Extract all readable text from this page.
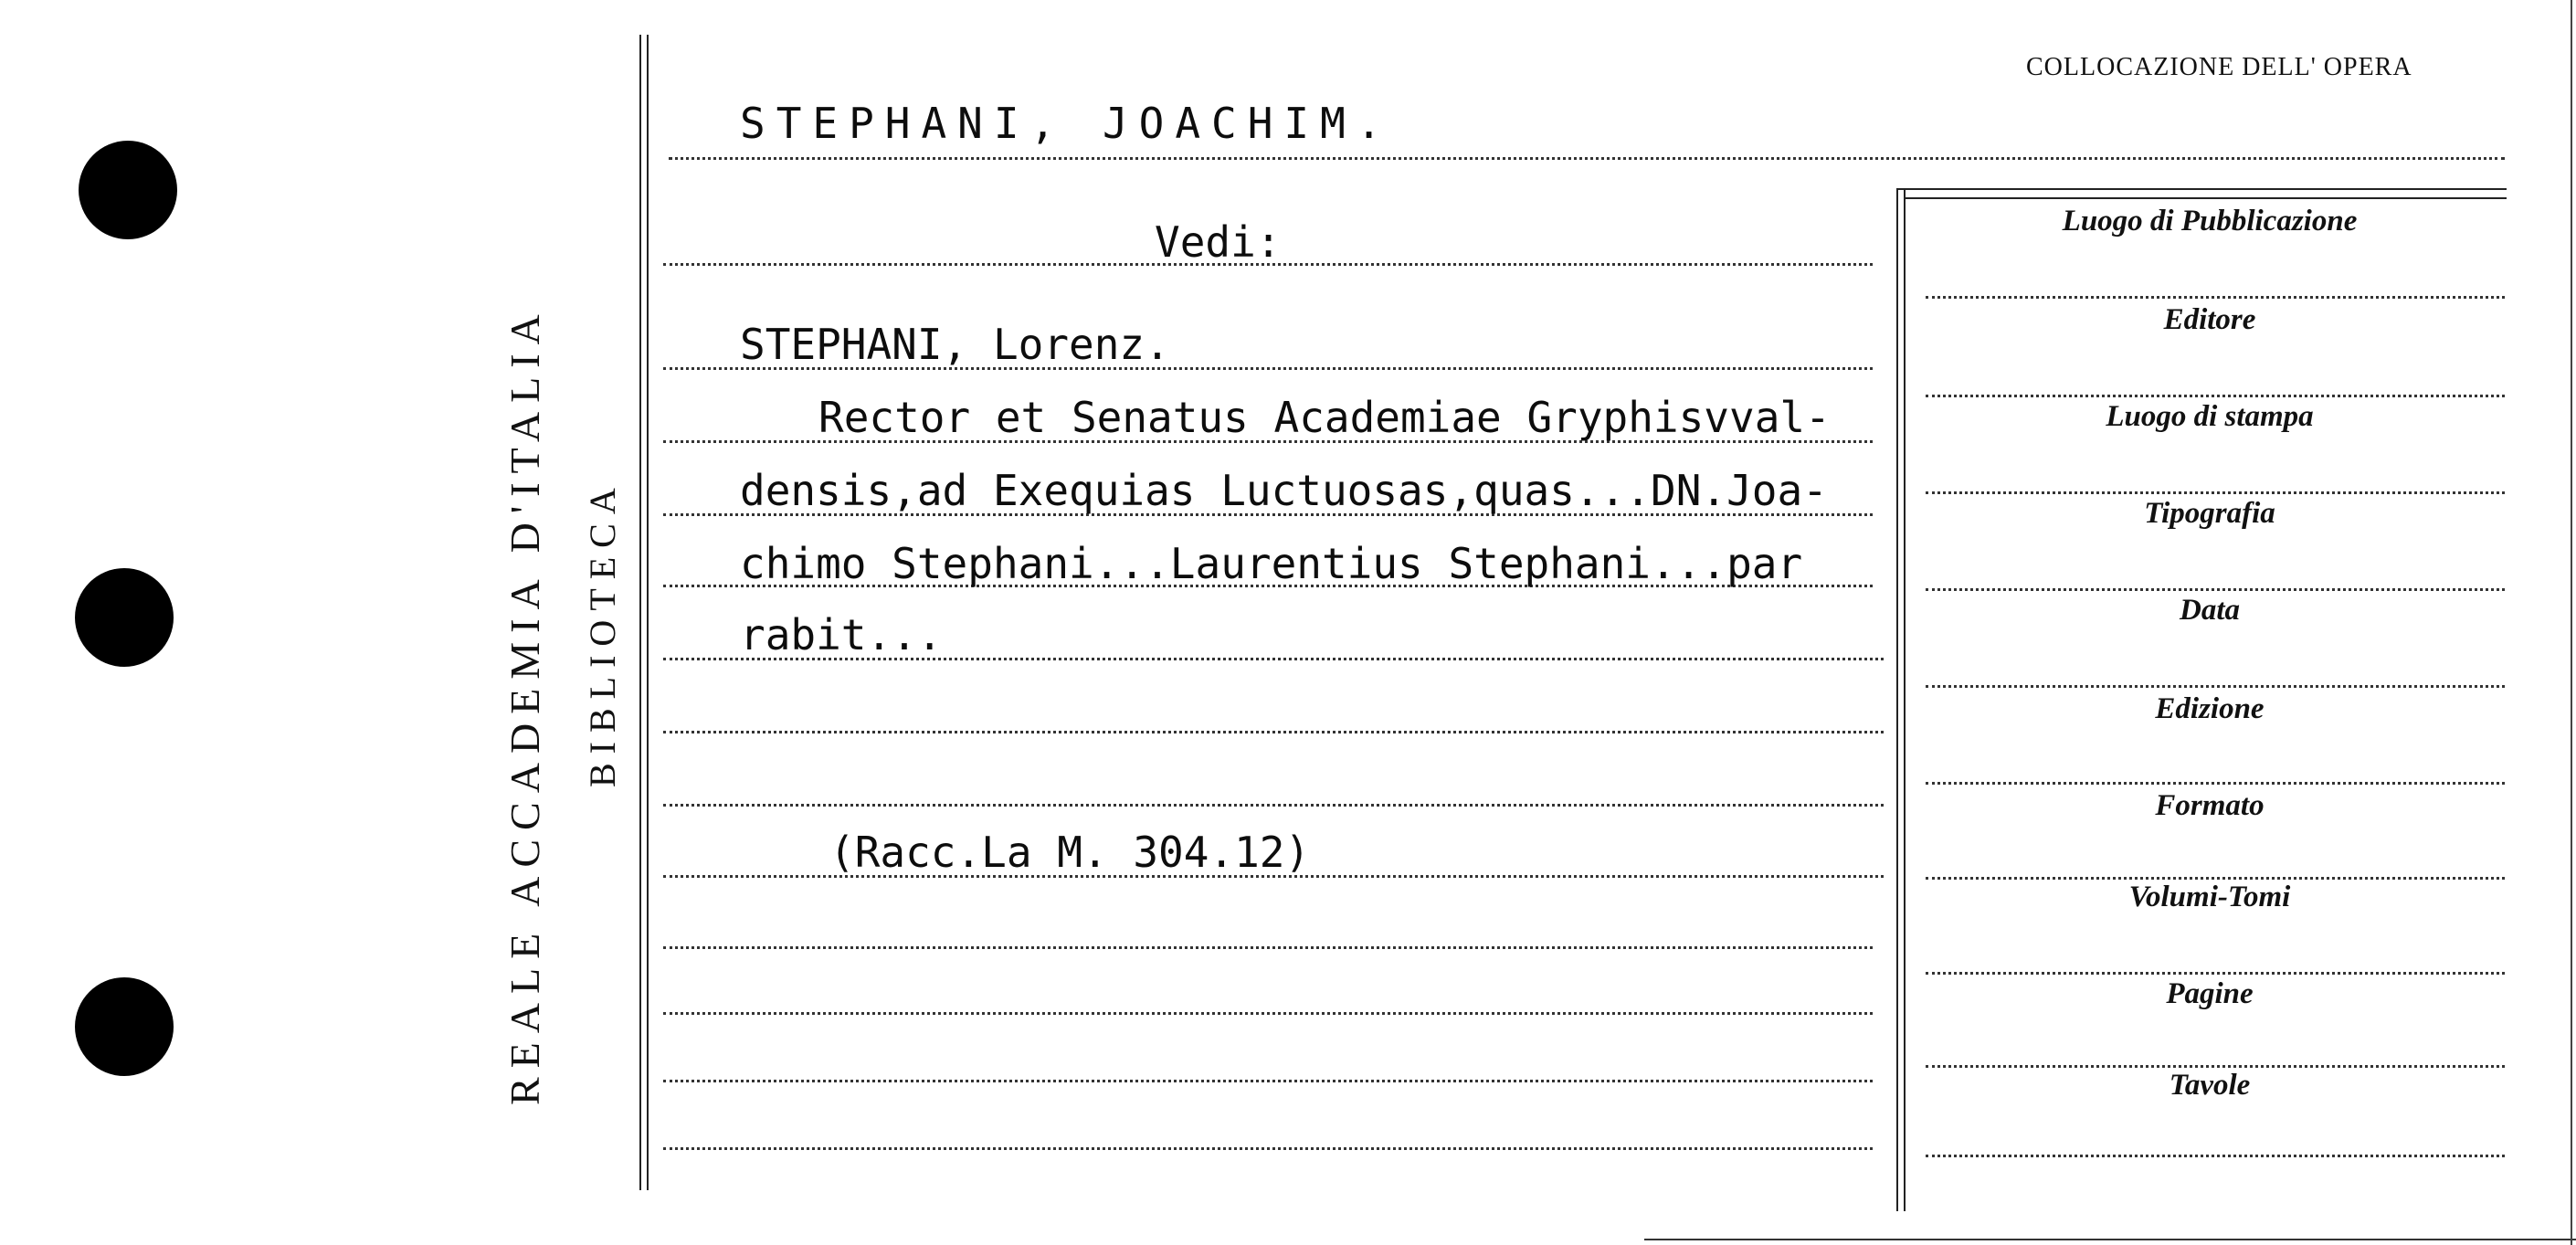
REALE ACCADEMIA D'ITALIA BIBLIOTECA
COLLOCAZIONE DELL' OPERA
STEPHANI, JOACHIM.
Vedi:
STEPHANI, Lorenz.
Rector et Senatus Academiae Gryphisvval-
densis,ad Exequias Luctuosas,quas...DN.Joa-
chimo Stephani...Laurentius Stephani...par
rabit...
(Racc.La M. 304.12)
Luogo di Pubblicazione
Editore
Luogo di stampa
Tipografia
Data
Edizione
Formato
Volumi-Tomi
Pagine
Tavole
